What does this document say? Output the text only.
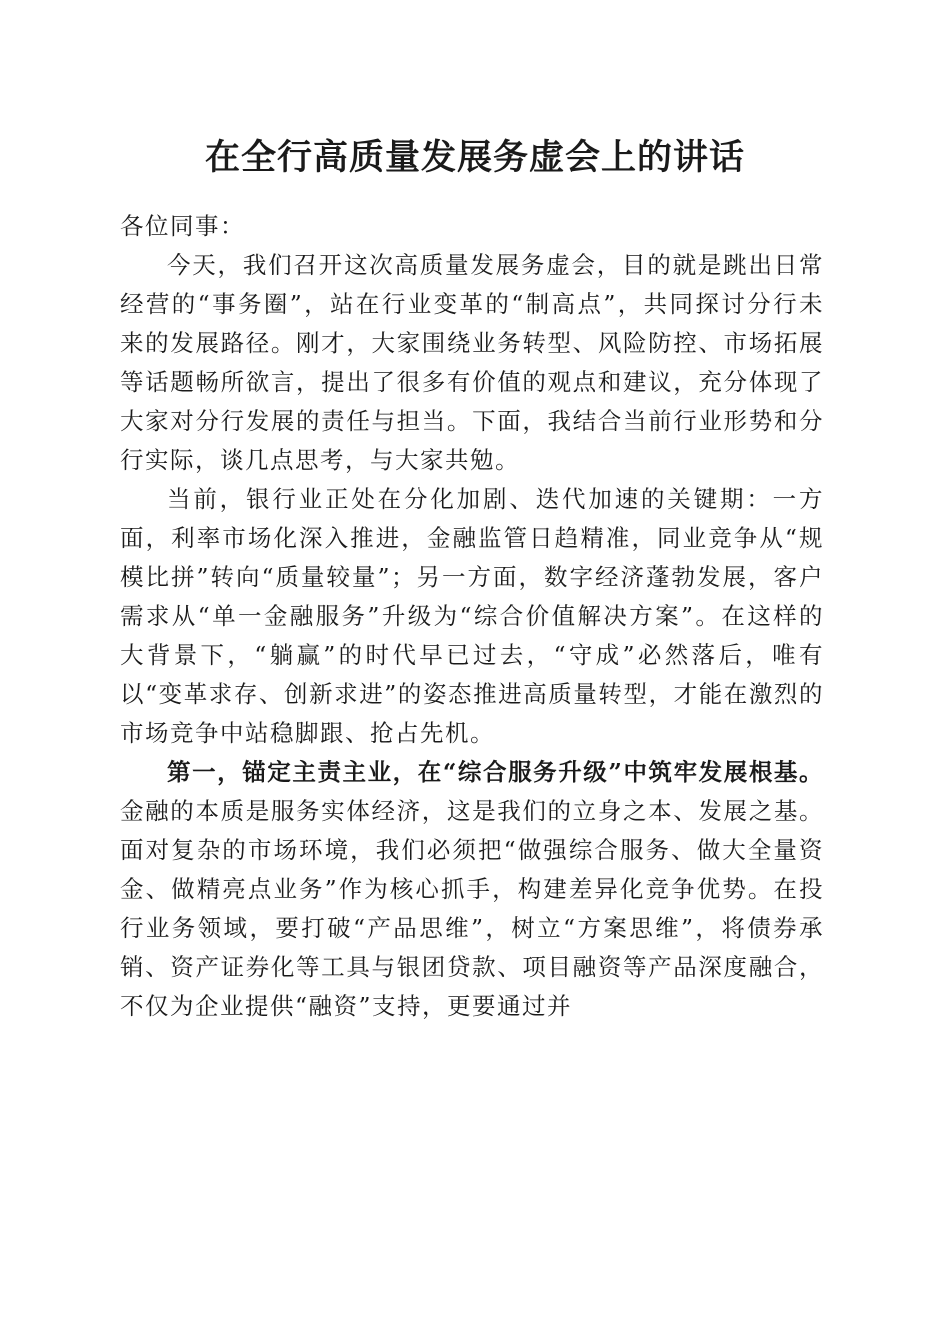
在全行高质量发展务虚会上的讲话

各位同事：

今天，我们召开这次高质量发展务虚会，目的就是跳出日常经营的“事务圈”，站在行业变革的“制高点”，共同探讨分行未来的发展路径。刚才，大家围绕业务转型、风险防控、市场拓展等话题畅所欲言，提出了很多有价值的观点和建议，充分体现了大家对分行发展的责任与担当。下面，我结合当前行业形势和分行实际，谈几点思考，与大家共勉。

当前，银行业正处在分化加剧、迭代加速的关键期：一方面，利率市场化深入推进，金融监管日趋精准，同业竞争从“规模比拼”转向“质量较量”；另一方面，数字经济蓬勃发展，客户需求从“单一金融服务”升级为“综合价值解决方案”。在这样的大背景下，“躺赢”的时代早已过去，“守成”必然落后，唯有以“变革求存、创新求进”的姿态推进高质量转型，才能在激烈的市场竞争中站稳脚跟、抢占先机。

第一，锚定主责主业，在“综合服务升级”中筑牢发展根基。金融的本质是服务实体经济，这是我们的立身之本、发展之基。面对复杂的市场环境，我们必须把“做强综合服务、做大全量资金、做精亮点业务”作为核心抓手，构建差异化竞争优势。在投行业务领域，要打破“产品思维”，树立“方案思维”，将债券承销、资产证券化等工具与银团贷款、项目融资等产品深度融合，不仅为企业提供“融资”支持，更要通过并
